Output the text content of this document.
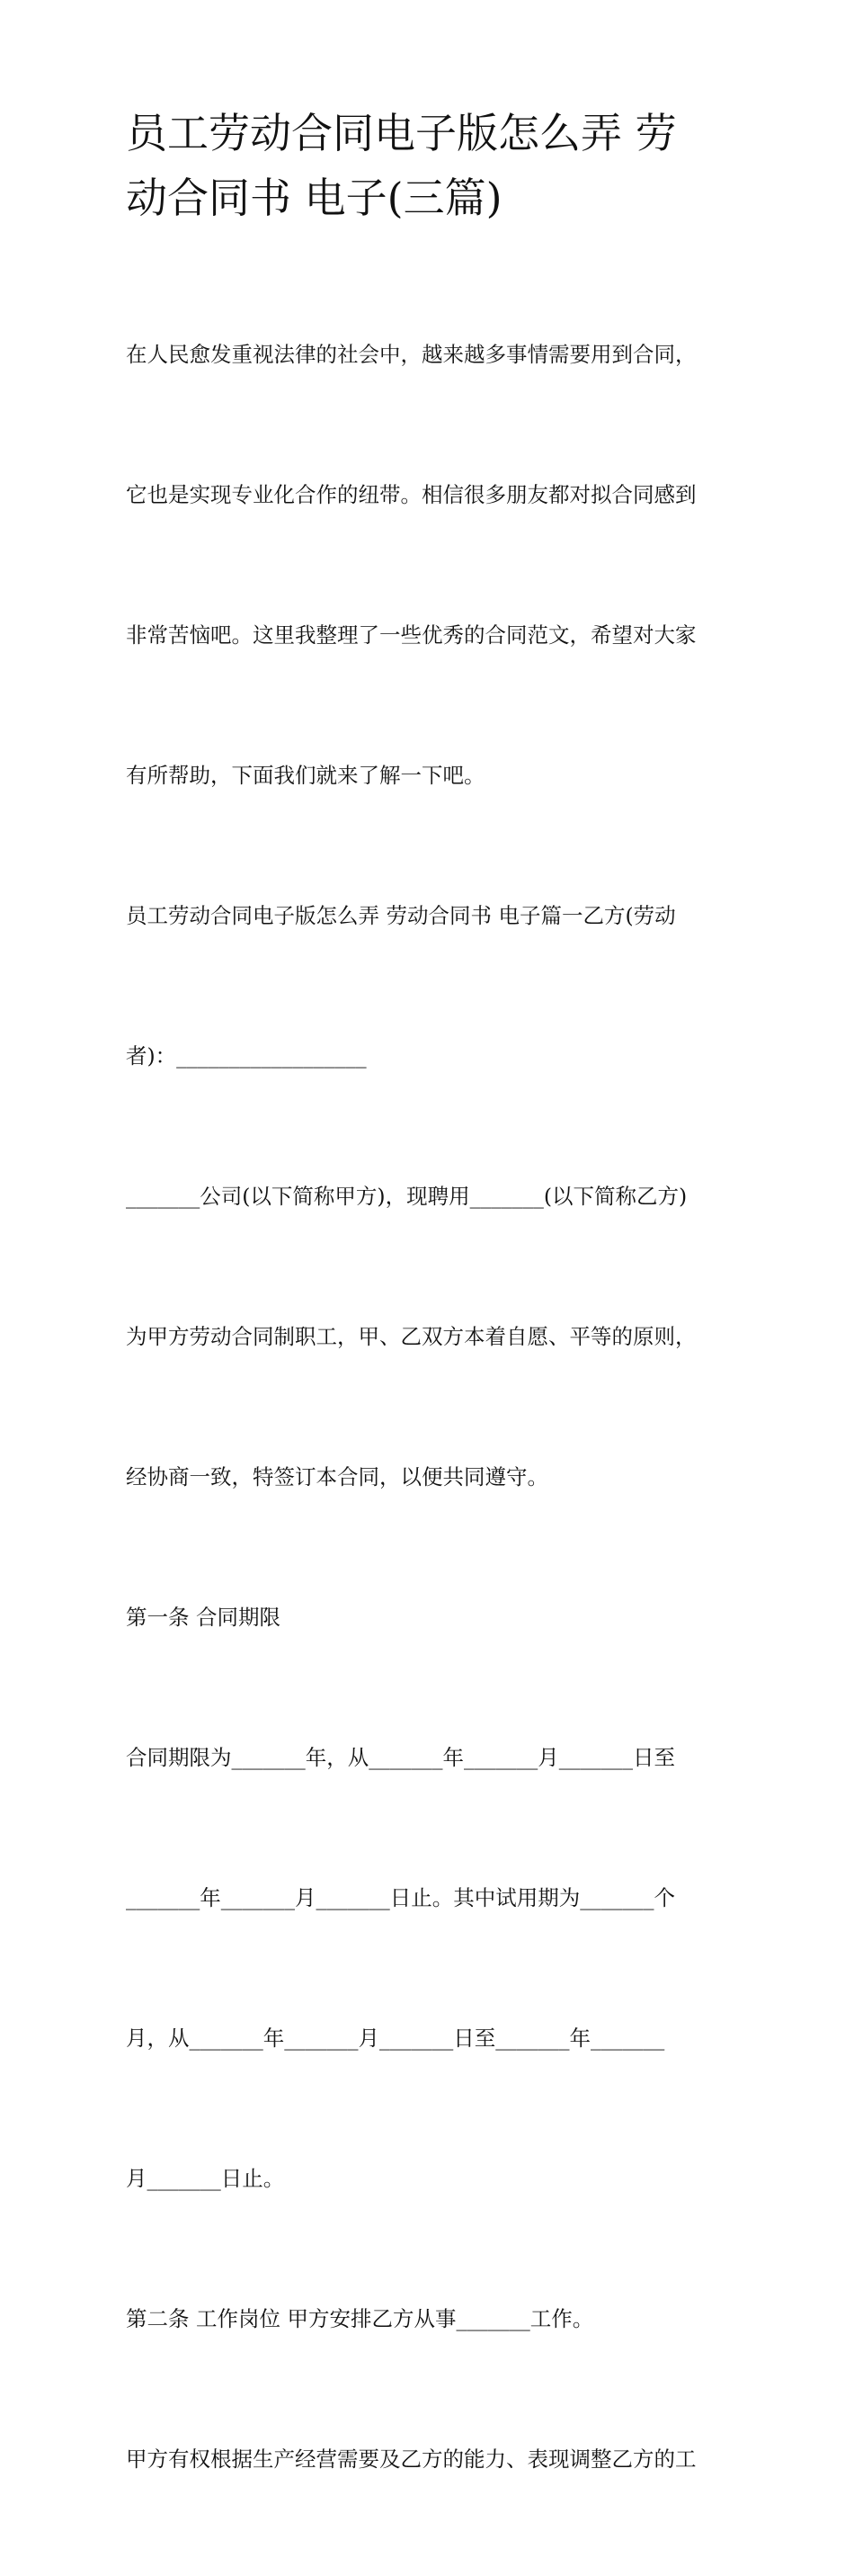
员工劳动合同电子版怎么弄 劳
动合同书 电子(三篇)

在人民愈发重视法律的社会中，越来越多事情需要用到合同，

它也是实现专业化合作的纽带。相信很多朋友都对拟合同感到

非常苦恼吧。这里我整理了一些优秀的合同范文，希望对大家

有所帮助，下面我们就来了解一下吧。

员工劳动合同电子版怎么弄 劳动合同书 电子篇一乙方(劳动

者)：__________________

_______公司(以下简称甲方)，现聘用_______(以下简称乙方)

为甲方劳动合同制职工，甲、乙双方本着自愿、平等的原则，

经协商一致，特签订本合同，以便共同遵守。

第一条 合同期限

合同期限为_______年，从_______年_______月_______日至

_______年_______月_______日止。其中试用期为_______个

月，从_______年_______月_______日至_______年_______

月_______日止。

第二条 工作岗位 甲方安排乙方从事_______工作。

甲方有权根据生产经营需要及乙方的能力、表现调整乙方的工
